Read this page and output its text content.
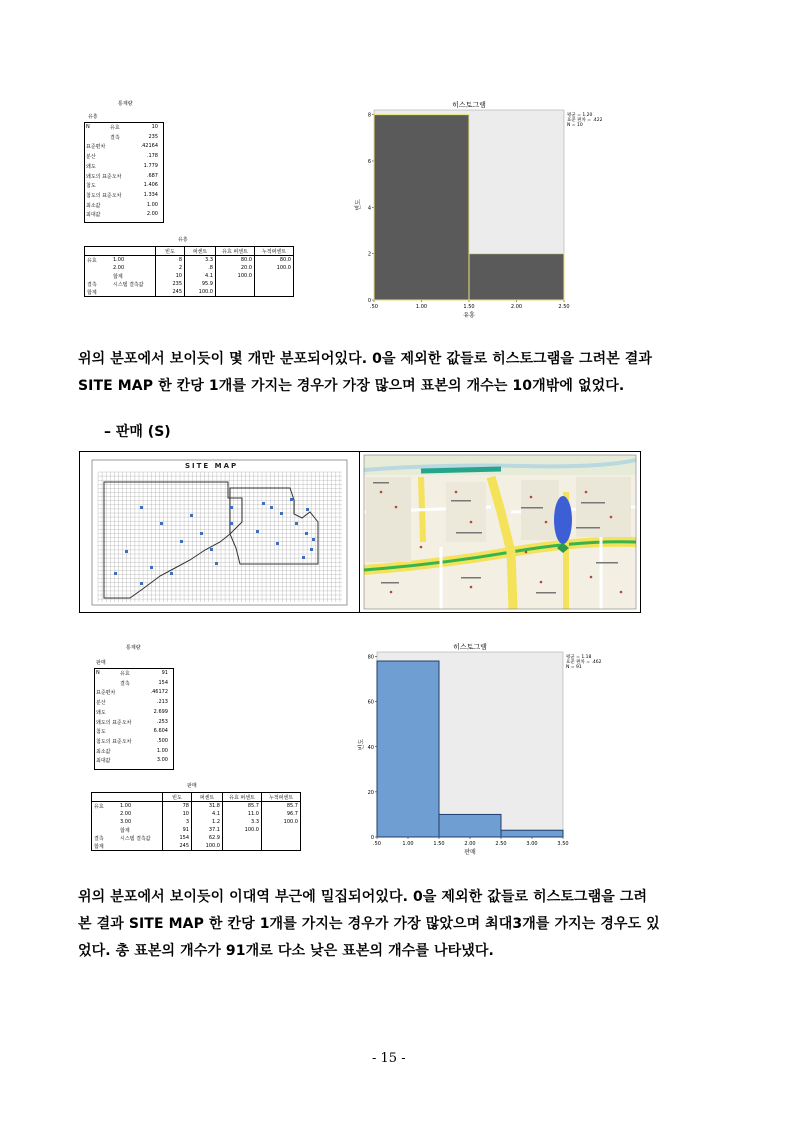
통계량
유흥
N	유효	10
결측	235
표준편차	.42164
분산	.178
왜도	1.779
왜도의 표준오차	.687
첨도	1.406
첨도의 표준오차	1.334
최소값	1.00
최대값	2.00
유흥
		빈도	퍼센트	유효 퍼센트	누적퍼센트
유효	1.00	8	3.3	80.0	80.0
	2.00	2	.8	20.0	100.0
	합계	10	4.1	100.0	
결측	시스템 결측값	235	95.9		
합계		245	100.0		
히스토그램
0
2
4
6
8
.50	1.00	1.50	2.00	2.50
유흥
빈도
평균 = 1.20
표준 편차 = .422
N = 10
위의 분포에서 보이듯이 몇 개만 분포되어있다. 0을 제외한 값들로 히스토그램을 그려본 결과
SITE MAP 한 칸당 1개를 가지는 경우가 가장 많으며 표본의 개수는 10개밖에 없었다.
– 판매 (S)
SITE MAP
통계량
판매
N	유효	91
결측	154
표준편차	.46172
분산	.213
왜도	2.699
왜도의 표준오차	.253
첨도	6.604
첨도의 표준오차	.500
최소값	1.00
최대값	3.00
판매
		빈도	퍼센트	유효 퍼센트	누적퍼센트
유효	1.00	78	31.8	85.7	85.7
	2.00	10	4.1	11.0	96.7
	3.00	3	1.2	3.3	100.0
	합계	91	37.1	100.0	
결측	시스템 결측값	154	62.9		
합계		245	100.0		
히스토그램
0
20
40
60
80
.50	1.00	1.50	2.00	2.50	3.00	3.50
판매
빈도
평균 = 1.18
표준 편차 = .462
N = 91
위의 분포에서 보이듯이 이대역 부근에 밀집되어있다. 0을 제외한 값들로 히스토그램을 그려
본 결과 SITE MAP 한 칸당 1개를 가지는 경우가 가장 많았으며 최대3개를 가지는 경우도 있
었다. 총 표본의 개수가 91개로 다소 낮은 표본의 개수를 나타냈다.
- 15 -
